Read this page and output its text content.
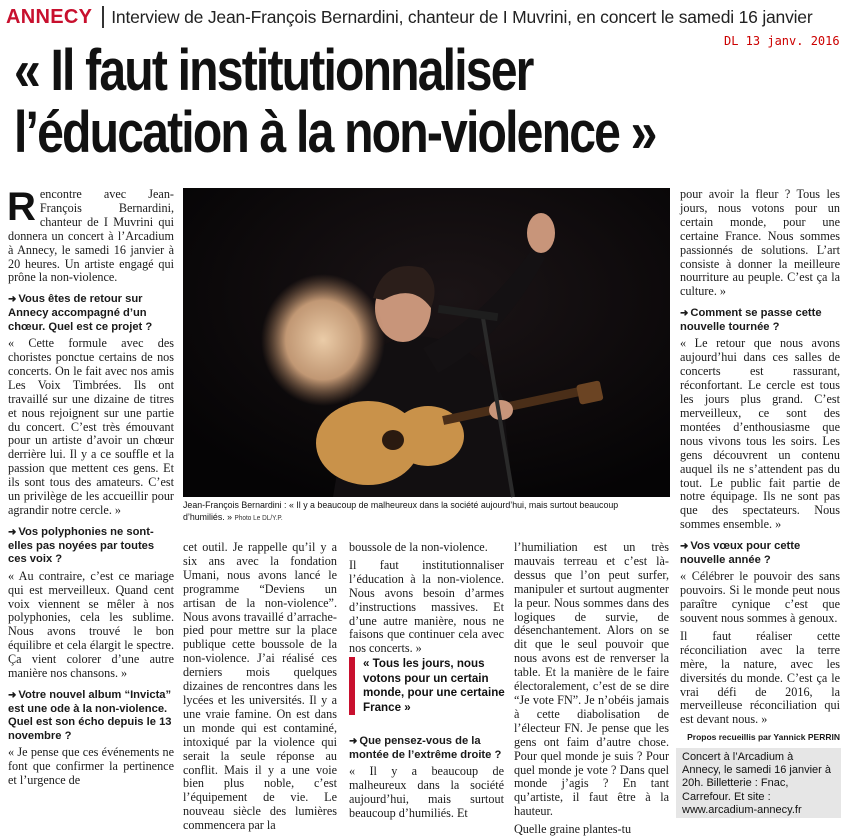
ANNECY Interview de Jean-François Bernardini, chanteur de I Muvrini, en concert le samedi 16 janvier
DL 13 janv. 2016
« Il faut institutionnaliser
l’éducation à la non-violence »

Rencontre avec Jean-François Bernardini, chanteur de I Muvrini qui donnera un concert à l’Arcadium à Annecy, le samedi 16 janvier à 20 heures. Un artiste engagé qui prône la non-violence.

➜ Vous êtes de retour sur Annecy accompagné d’un chœur. Quel est ce projet ?

« Cette formule avec des choristes ponctue certains de nos concerts. On le fait avec nos amis Les Voix Timbrées. Ils ont travaillé sur une dizaine de titres et nous rejoignent sur une partie du concert. C’est très émouvant pour un artiste d’avoir un chœur derrière lui. Il y a ce souffle et la passion que mettent ces gens. Et ils sont tous des amateurs. C’est un privilège de les accueillir pour agrandir notre cercle. »

➜ Vos polyphonies ne sont-elles pas noyées par toutes ces voix ?

« Au contraire, c’est ce mariage qui est merveilleux. Quand cent voix viennent se mêler à nos polyphonies, cela les sublime. Nous avons trouvé le bon équilibre et cela élargit le spectre. Ça vient colorer d’une autre manière nos chansons. »

➜ Votre nouvel album “Invicta” est une ode à la non-violence. Quel est son écho depuis le 13 novembre ?

« Je pense que ces événements ne font que confirmer la pertinence et l’urgence de

Jean-François Bernardini : « Il y a beaucoup de malheureux dans la société aujourd’hui, mais surtout beaucoup d’humiliés. » Photo Le DL/Y.P.

cet outil. Je rappelle qu’il y a six ans avec la fondation Umani, nous avons lancé le programme “Deviens un artisan de la non-violence”. Nous avons travaillé d’arrache-pied pour mettre sur la place publique cette boussole de la non-violence. J’ai réalisé ces derniers mois quelques dizaines de rencontres dans les lycées et les universités. Il y a une vraie famine. On est dans un monde qui est contaminé, intoxiqué par la violence qui serait la seule réponse au conflit. Mais il y a une voie bien plus noble, c’est l’équipement de vie. Le nouveau siècle des lumières commencera par la

boussole de la non-violence.

Il faut institutionnaliser l’éducation à la non-violence. Nous avons besoin d’armes d’instructions massives. Et d’une autre manière, nous ne faisons que continuer cela avec nos concerts. »

« Tous les jours, nous votons pour un certain monde, pour une certaine France »
➜ Que pensez-vous de la montée de l’extrême droite ?

« Il y a beaucoup de malheureux dans la société aujourd’hui, mais surtout beaucoup d’humiliés. Et

l’humiliation est un très mauvais terreau et c’est là-dessus que l’on peut surfer, manipuler et surtout augmenter la peur. Nous sommes dans des logiques de survie, de désenchantement. Alors on se dit que le seul pouvoir que nous avons est de renverser la table. Et la manière de le faire électoralement, c’est de se dire “Je vote FN”. Je n’obéis jamais à cette diabolisation de l’électeur FN. Je pense que les gens ont faim d’autre chose. Pour quel monde je suis ? Pour quel monde je vote ? Dans quel monde j’agis ? En tant qu’artiste, il faut être à la hauteur.

Quelle graine plantes-tu

pour avoir la fleur ? Tous les jours, nous votons pour un certain monde, pour une certaine France. Nous sommes passionnés de solutions. L’art consiste à donner la meilleure nourriture au peuple. C’est ça la culture. »

➜ Comment se passe cette nouvelle tournée ?

« Le retour que nous avons aujourd’hui dans ces salles de concerts est rassurant, réconfortant. Le cercle est tous les jours plus grand. C’est merveilleux, ce sont des montées d’enthousiasme que nous vivons tous les soirs. Les gens découvrent un contenu auquel ils ne s’attendent pas du tout. Le public fait partie de notre équipage. Ils ne sont pas que des spectateurs. Nous sommes ensemble. »

➜ Vos vœux pour cette nouvelle année ?

« Célébrer le pouvoir des sans pouvoirs. Si le monde peut nous paraître cynique c’est que souvent nous sommes à genoux.

Il faut réaliser cette réconciliation avec la terre mère, la nature, avec les diversités du monde. C’est ça le vrai défi de 2016, la merveilleuse réconciliation qui est devant nous. »

Propos recueillis par Yannick PERRIN
Concert à l’Arcadium à
Annecy, le samedi 16 janvier à
20h. Billetterie : Fnac,
Carrefour. Et site :
www.arcadium-annecy.fr
